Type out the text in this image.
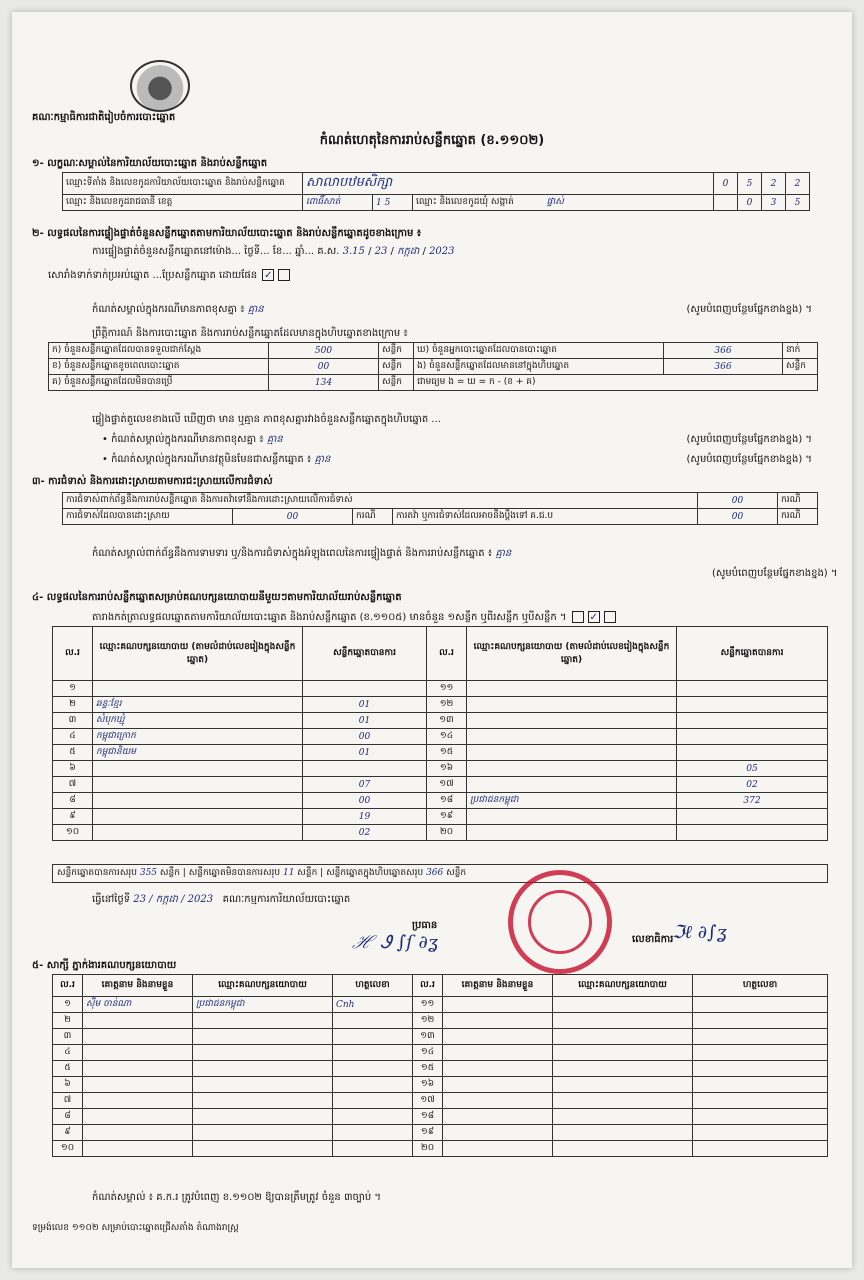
គណៈកម្មាធិការជាតិរៀបចំការបោះឆ្នោត
កំណត់ហេតុនៃការរាប់សន្លឹកឆ្នោត (ខ.១១០២)
១- លក្ខណៈសម្គាល់នៃការិយាល័យបោះឆ្នោត និងរាប់សន្លឹកឆ្នោត
ឈ្មោះទីតាំង និងលេខកូដការិយាល័យបោះឆ្នោត និងរាប់សន្លឹកឆ្នោត	សាលាបឋមសិក្សា			0	5	2	2
ឈ្មោះ និងលេខកូដរាជធានី ខេត្ត	ពោធិ៍សាត់	1 5	ឈ្មោះ និងលេខកូដឃុំ សង្កាត់ ផ្ទាស់		0	3	5
២- លទ្ធផលនៃការផ្ទៀងផ្ទាត់ចំនួនសន្លឹកឆ្នោតតាមការិយាល័យបោះឆ្នោត និងរាប់សន្លឹកឆ្នោតដូចខាងក្រោម ៖
ការផ្ទៀងផ្ទាត់ចំនួនសន្លឹកឆ្នោតនៅម៉ោង... ថ្ងៃទី... ខែ... ឆ្នាំ... គ.ស. 3.15 / 23 / កក្កដា / 2023
សោរាំងទាក់ទាក់ប្រអប់ឆ្នោត ...ប្រែសន្លឹកឆ្នោត ដោយផែន ✓
កំណត់សម្គាល់ក្នុងករណីមានភាពខុសគ្នា ៖ គ្មាន	(សូមបំពេញបន្ថែមផ្នែកខាងខ្នង) ។
ព្រឹត្តិការណ៍ និងការបោះឆ្នោត និងការរាប់សន្លឹកឆ្នោតដែលមានក្នុងហិបឆ្នោតខាងក្រោម ៖
ក) ចំនួនសន្លឹកឆ្នោតដែលបានទទួលជាក់ស្តែង	500	សន្លឹក	ឃ) ចំនួនអ្នកបោះឆ្នោតដែលបានបោះឆ្នោត	366	នាក់
ខ) ចំនួនសន្លឹកឆ្នោតខូចពេលបោះឆ្នោត	00	សន្លឹក	ង) ចំនួនសន្លឹកឆ្នោតដែលមាននៅក្នុងហិបឆ្នោត	366	សន្លឹក
គ) ចំនួនសន្លឹកឆ្នោតដែលមិនបានប្រើ	134	សន្លឹក	ជាមធ្យម ង = ឃ = ក - (ខ + គ)		
ផ្ទៀងផ្ទាត់តួលេខខាងលើ ឃើញថា មាន ឬគ្មាន ភាពខុសគ្នារវាងចំនួនសន្លឹកឆ្នោតក្នុងហិបឆ្នោត ...
• កំណត់សម្គាល់ក្នុងករណីមានភាពខុសគ្នា ៖ គ្មាន	(សូមបំពេញបន្ថែមផ្នែកខាងខ្នង) ។
• កំណត់សម្គាល់ក្នុងករណីមានវត្ថុមិនមែនជាសន្លឹកឆ្នោត ៖ គ្មាន	(សូមបំពេញបន្ថែមផ្នែកខាងខ្នង) ។
៣- ការជំទាស់ និងការដោះស្រាយតាមការជះស្រាយលើការជំទាស់
ការជំទាស់ពាក់ព័ន្ធនឹងការរាប់សន្លឹកឆ្នោត និងការតវ៉ាទៅនឹងការដោះស្រាយលើការជំទាស់				00	ករណី
ការជំទាស់ដែលបានដោះស្រាយ	00	ករណី	ការតវ៉ា ឬការជំទាស់ដែលអាចនឹងប្តឹងទៅ គ.ជ.ប	00	ករណី
កំណត់សម្គាល់ពាក់ព័ន្ធនឹងការទាមទារ ឬ/និងការជំទាស់ក្នុងអំឡុងពេលនៃការផ្ទៀងផ្ទាត់ និងការរាប់សន្លឹកឆ្នោត ៖ គ្មាន
(សូមបំពេញបន្ថែមផ្នែកខាងខ្នង) ។
៤- លទ្ធផលនៃការរាប់សន្លឹកឆ្នោតសម្រាប់គណបក្សនយោបាយនីមួយៗតាមការិយាល័យរាប់សន្លឹកឆ្នោត
តារាងកត់ត្រាលទ្ធផលឆ្នោតតាមការិយាល័យបោះឆ្នោត និងរាប់សន្លឹកឆ្នោត (ខ.១១០៥) មានចំនួន ១សន្លឹក ឬពីរសន្លឹក ឬបីសន្លឹក ។ ✓
ល.រ	ឈ្មោះគណបក្សនយោបាយ (តាមលំដាប់លេខរៀងក្នុងសន្លឹកឆ្នោត)	សន្លឹកឆ្នោតបានការ	ល.រ	ឈ្មោះគណបក្សនយោបាយ (តាមលំដាប់លេខរៀងក្នុងសន្លឹកឆ្នោត)	សន្លឹកឆ្នោតបានការ
១			១១		
២	ឆន្ទៈខ្មែរ	01	១២		
៣	សំបុកឃ្មុំ	01	១៣		
៤	កម្ពុជាក្រោក	00	១៤		
៥	កម្ពុជានិយម	01	១៥		
៦			១៦		05
៧		07	១៧		02
៨		00	១៨	ប្រជាជនកម្ពុជា	372
៩		19	១៩		
១០		02	២០		
សន្លឹកឆ្នោតបានការសរុប 355 សន្លឹក | សន្លឹកឆ្នោតមិនបានការសរុប 11 សន្លឹក | សន្លឹកឆ្នោតក្នុងហិបឆ្នោតសរុប 366 សន្លឹក
ធ្វើនៅថ្ងៃទី 23 / កក្កដា / 2023 គណៈកម្មការការិយាល័យបោះឆ្នោត
ប្រធាន
លេខាធិការ
ℋ Ꮽ ∫ſ ∂ʓ	ℑℓ ∂∫ʓ
៥- សាក្សី ភ្នាក់ងារគណបក្សនយោបាយ
ល.រ	គោត្តនាម និងនាមខ្លួន	ឈ្មោះគណបក្សនយោបាយ	ហត្ថលេខា	ល.រ	គោត្តនាម និងនាមខ្លួន	ឈ្មោះគណបក្សនយោបាយ	ហត្ថលេខា
១	ស៊ឹម ចាន់ណា	ប្រជាជនកម្ពុជា	Cnh	១១			
២				១២			
៣				១៣			
៤				១៤			
៥				១៥			
៦				១៦			
៧				១៧			
៨				១៨			
៩				១៩			
១០				២០			
កំណត់សម្គាល់ ៖ គ.ក.រ ត្រូវបំពេញ ខ.១១០២ ឱ្យបានត្រឹមត្រូវ ចំនួន ៣ច្បាប់ ។
ទម្រង់លេខ ១១០២ សម្រាប់បោះឆ្នោតជ្រើសតាំង តំណាងរាស្ត្រ
